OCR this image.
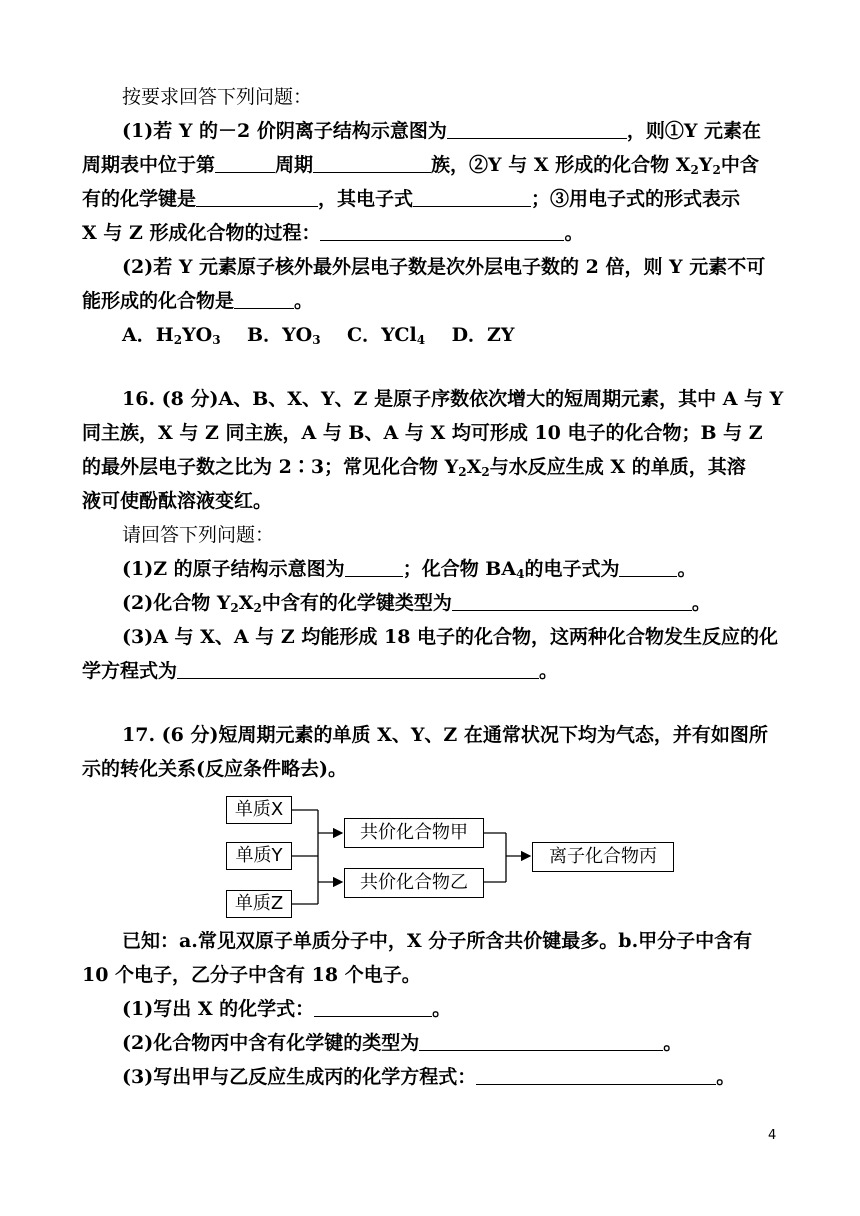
按要求回答下列问题：
(1)若 Y 的－2 价阴离子结构示意图为	，则①Y 元素在
周期表中位于第	周期	族，②Y 与 X 形成的化合物 $X_2Y_2$中含
有的化学键是	，其电子式	；③用电子式的形式表示
X 与 Z 形成化合物的过程：	。
(2)若 Y 元素原子核外最外层电子数是次外层电子数的 2 倍，则 Y 元素不可
能形成的化合物是	。
A．$H_2YO_3$ B．$YO_3$ C．YCl$_4$ D．ZY
16. (8 分)A、B、X、Y、Z 是原子序数依次增大的短周期元素，其中 A 与 Y
同主族，X 与 Z 同主族，A 与 B、A 与 X 均可形成 10 电子的化合物；B 与 Z
的最外层电子数之比为 2∶3；常见化合物 $Y_2X_2$与水反应生成 X 的单质，其溶
液可使酚酞溶液变红。
请回答下列问题：
(1)Z 的原子结构示意图为	；化合物 $BA_4$的电子式为	。
(2)化合物 $Y_2X_2$中含有的化学键类型为	。
(3)A 与 X、A 与 Z 均能形成 18 电子的化合物，这两种化合物发生反应的化
学方程式为	。
17. (6 分)短周期元素的单质 X、Y、Z 在通常状况下均为气态，并有如图所
示的转化关系(反应条件略去)。
单质X
单质Y
单质Z
共价化合物甲
共价化合物乙
离子化合物丙
已知：a.常见双原子单质分子中，X 分子所含共价键最多。b.甲分子中含有
10 个电子，乙分子中含有 18 个电子。
(1)写出 X 的化学式：	。
(2)化合物丙中含有化学键的类型为	。
(3)写出甲与乙反应生成丙的化学方程式：	。
4
